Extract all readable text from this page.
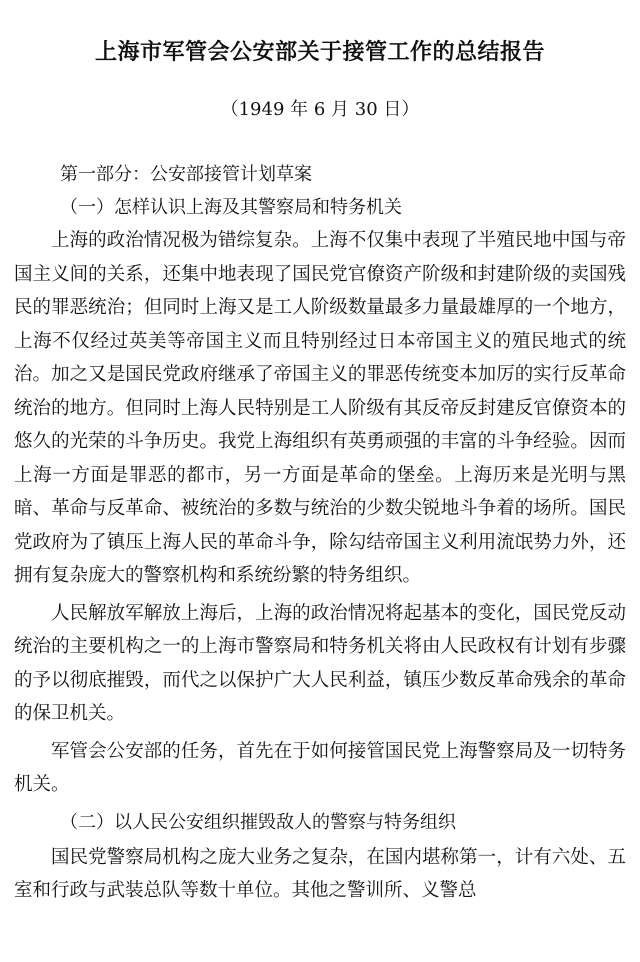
上海市军管会公安部关于接管工作的总结报告
（1949 年 6 月 30 日）
第一部分：公安部接管计划草案
（一）怎样认识上海及其警察局和特务机关

上海的政治情况极为错综复杂。上海不仅集中表现了半殖民地中国与帝国主义间的关系，还集中地表现了国民党官僚资产阶级和封建阶级的卖国残民的罪恶统治；但同时上海又是工人阶级数量最多力量最雄厚的一个地方，上海不仅经过英美等帝国主义而且特别经过日本帝国主义的殖民地式的统治。加之又是国民党政府继承了帝国主义的罪恶传统变本加厉的实行反革命统治的地方。但同时上海人民特别是工人阶级有其反帝反封建反官僚资本的悠久的光荣的斗争历史。我党上海组织有英勇顽强的丰富的斗争经验。因而上海一方面是罪恶的都市，另一方面是革命的堡垒。上海历来是光明与黑暗、革命与反革命、被统治的多数与统治的少数尖锐地斗争着的场所。国民党政府为了镇压上海人民的革命斗争，除勾结帝国主义利用流氓势力外，还拥有复杂庞大的警察机构和系统纷繁的特务组织。

人民解放军解放上海后，上海的政治情况将起基本的变化，国民党反动统治的主要机构之一的上海市警察局和特务机关将由人民政权有计划有步骤的予以彻底摧毁，而代之以保护广大人民利益，镇压少数反革命残余的革命的保卫机关。

军管会公安部的任务，首先在于如何接管国民党上海警察局及一切特务机关。

（二）以人民公安组织摧毁敌人的警察与特务组织

国民党警察局机构之庞大业务之复杂，在国内堪称第一，计有六处、五室和行政与武装总队等数十单位。其他之警训所、义警总
